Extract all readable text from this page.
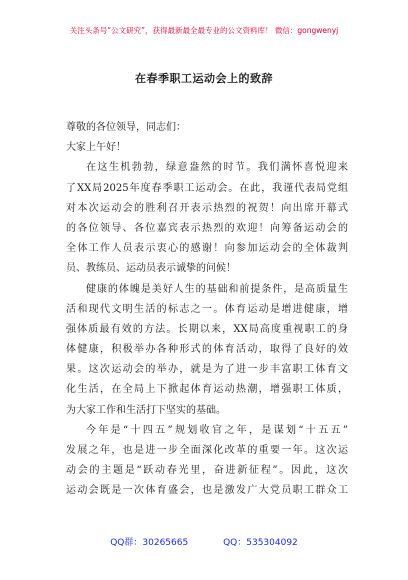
关注头条号“公文研究”，获得最新最全最专业的公文资料库！ 微信：gongwenyj
在春季职工运动会上的致辞
尊敬的各位领导，同志们：
大家上午好！
在这生机勃勃，绿意盎然的时节。我们满怀喜悦迎来
了XX局2025年度春季职工运动会。在此，我谨代表局党组
对本次运动会的胜利召开表示热烈的祝贺！向出席开幕式
的各位领导、各位嘉宾表示热烈的欢迎！向筹备运动会的
全体工作人员表示衷心的感谢！向参加运动会的全体裁判
员、教练员、运动员表示诚挚的问候！
健康的体魄是美好人生的基础和前提条件，是高质量生
活和现代文明生活的标志之一。体育运动是增进健康，增
强体质最有效的方法。长期以来，XX局高度重视职工的身
体健康，积极举办各种形式的体育活动，取得了良好的效
果。这次运动会的举办，就是为了进一步丰富职工体育文
化生活，在全局上下掀起体育运动热潮，增强职工体质，
为大家工作和生活打下坚实的基础。
今年是“十四五”规划收官之年，是谋划“十五五”
发展之年，也是进一步全面深化改革的重要一年。这次运
动会的主题是“跃动春光里，奋进新征程”。因此，这次
运动会既是一次体育盛会，也是激发广大党员职工群众工
QQ群：30265665	QQ：535304092
